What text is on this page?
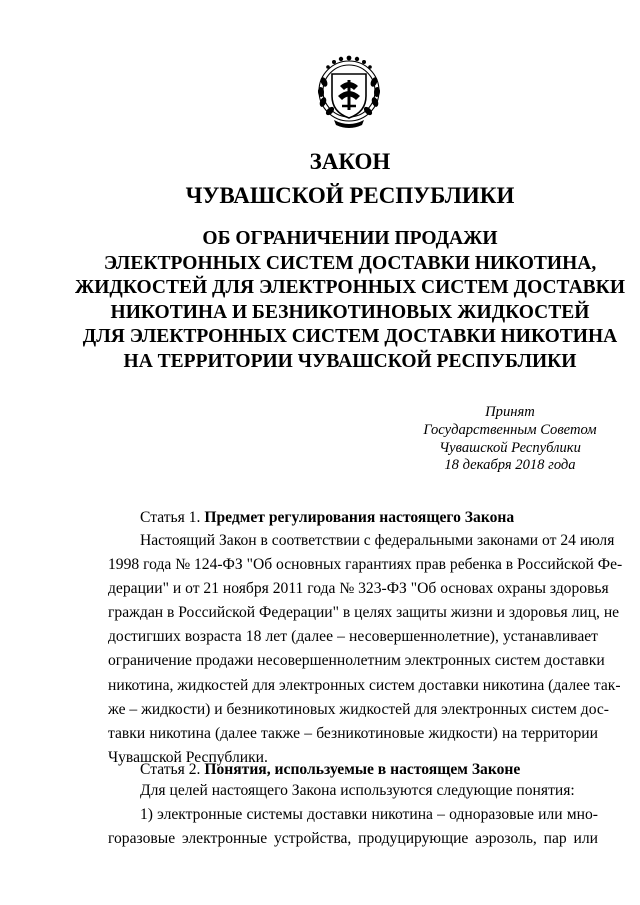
ЗАКОН
ЧУВАШСКОЙ РЕСПУБЛИКИ
ОБ ОГРАНИЧЕНИИ ПРОДАЖИ
ЭЛЕКТРОННЫХ СИСТЕМ ДОСТАВКИ НИКОТИНА,
ЖИДКОСТЕЙ ДЛЯ ЭЛЕКТРОННЫХ СИСТЕМ ДОСТАВКИ
НИКОТИНА И БЕЗНИКОТИНОВЫХ ЖИДКОСТЕЙ
ДЛЯ ЭЛЕКТРОННЫХ СИСТЕМ ДОСТАВКИ НИКОТИНА
НА ТЕРРИТОРИИ ЧУВАШСКОЙ РЕСПУБЛИКИ
Принят
Государственным Советом
Чувашской Республики
18 декабря 2018 года
Статья 1. Предмет регулирования настоящего Закона
Настоящий Закон в соответствии с федеральными законами от 24 июля
1998 года № 124-ФЗ "Об основных гарантиях прав ребенка в Российской Фе-
дерации" и от 21 ноября 2011 года № 323-ФЗ "Об основах охраны здоровья
граждан в Российской Федерации" в целях защиты жизни и здоровья лиц, не
достигших возраста 18 лет (далее – несовершеннолетние), устанавливает
ограничение продажи несовершеннолетним электронных систем доставки
никотина, жидкостей для электронных систем доставки никотина (далее так-
же – жидкости) и безникотиновых жидкостей для электронных систем дос-
тавки никотина (далее также – безникотиновые жидкости) на территории
Чувашской Республики.
Статья 2. Понятия, используемые в настоящем Законе
Для целей настоящего Закона используются следующие понятия:
1) электронные системы доставки никотина – одноразовые или мно-
горазовые электронные устройства, продуцирующие аэрозоль, пар или
